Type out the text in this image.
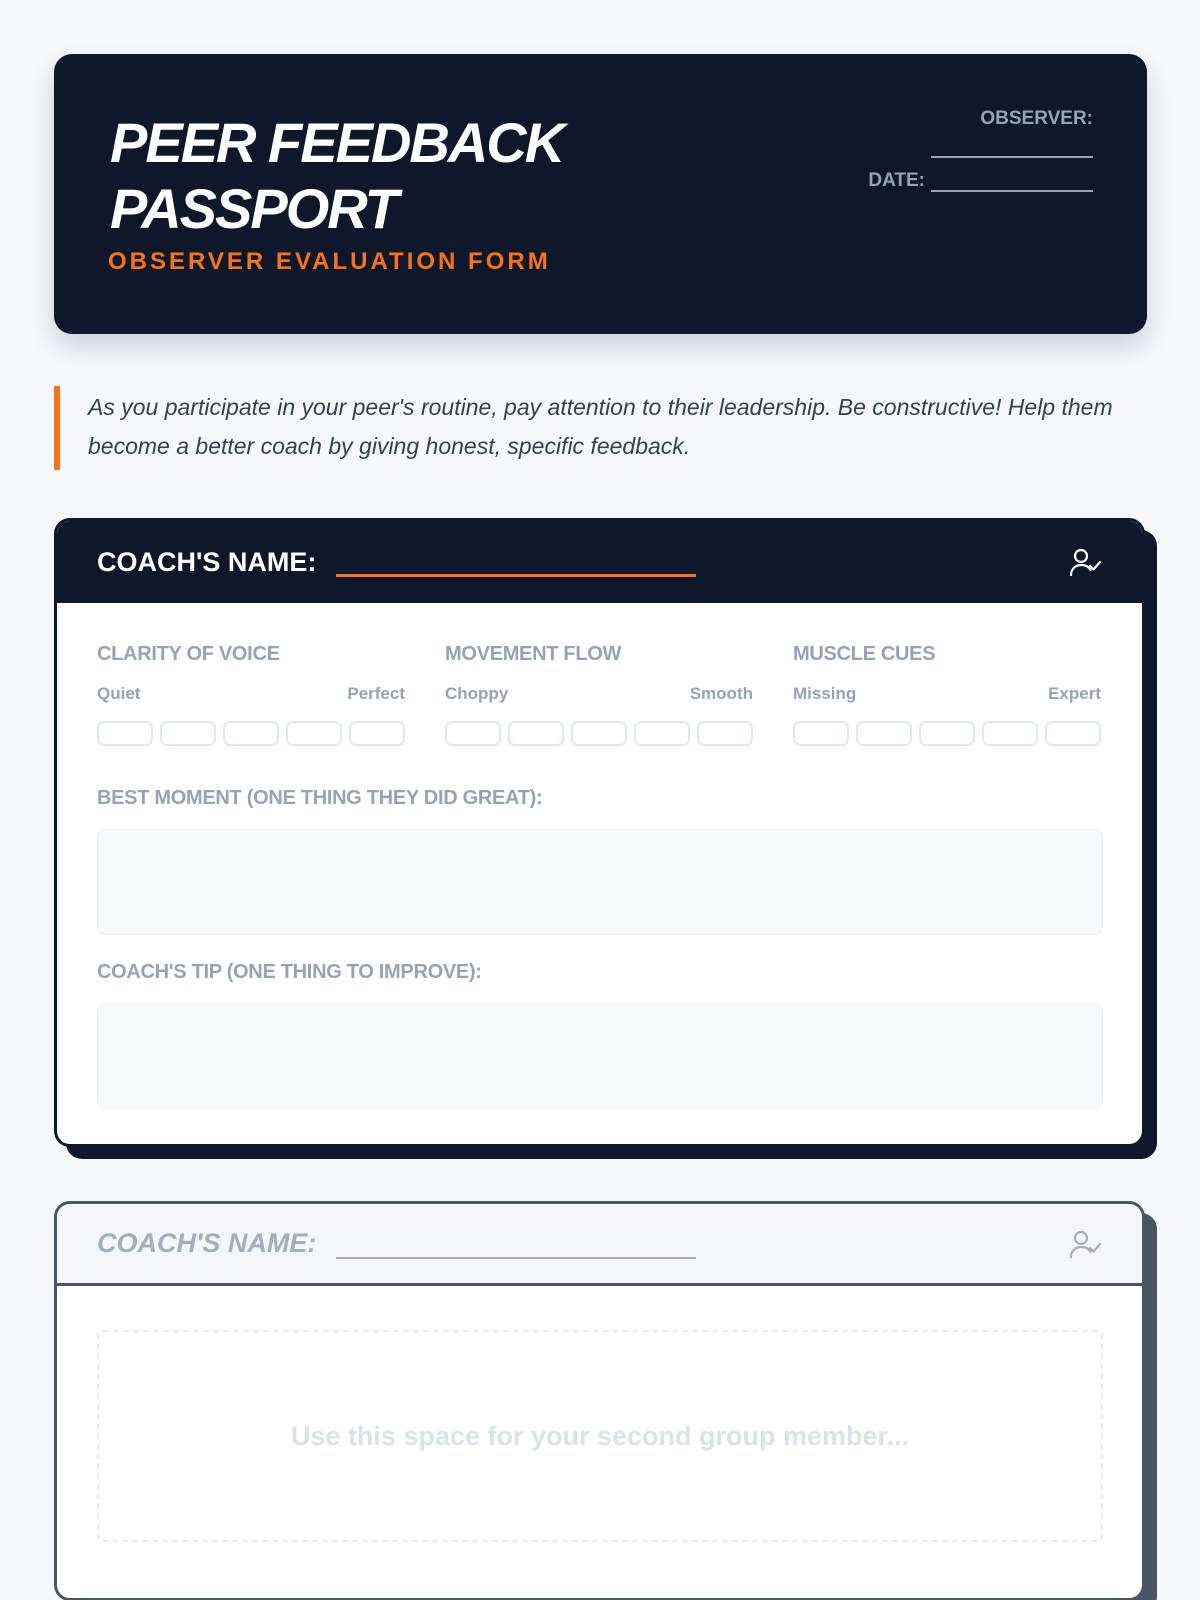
PEER FEEDBACK
PASSPORT
OBSERVER EVALUATION FORM
OBSERVER:
DATE:
As you participate in your peer's routine, pay attention to their leadership. Be constructive! Help them become a better coach by giving honest, specific feedback.
COACH'S NAME:
CLARITY OF VOICE
Quiet	Perfect
MOVEMENT FLOW
Choppy	Smooth
MUSCLE CUES
Missing	Expert
BEST MOMENT (ONE THING THEY DID GREAT):
COACH'S TIP (ONE THING TO IMPROVE):
COACH'S NAME:
Use this space for your second group member...
